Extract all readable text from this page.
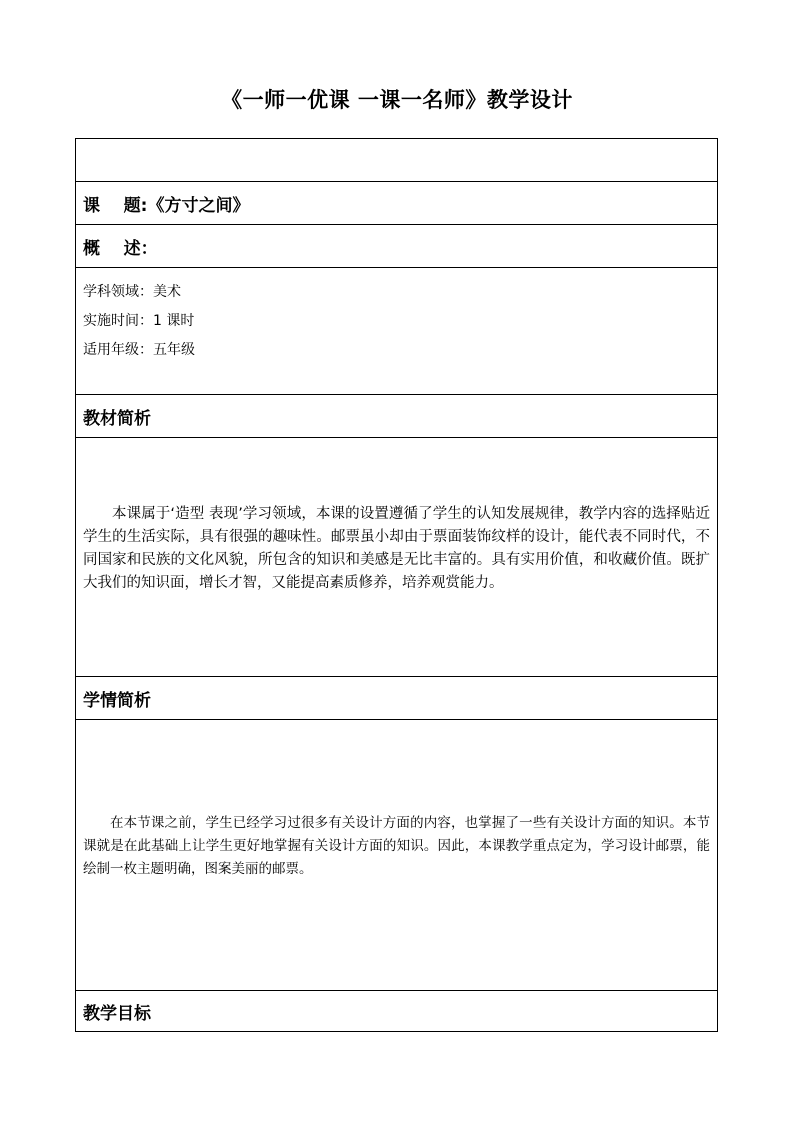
《一师一优课 一课一名师》教学设计

课    题:《方寸之间》
概    述：

学科领域：美术
实施时间：1 课时
适用年级：五年级

教材简析

本课属于‘造型 表现’学习领域，本课的设置遵循了学生的认知发展规律，教学内容的选择贴近学生的生活实际，具有很强的趣味性。邮票虽小却由于票面装饰纹样的设计，能代表不同时代，不同国家和民族的文化风貌，所包含的知识和美感是无比丰富的。具有实用价值，和收藏价值。既扩大我们的知识面，增长才智，又能提高素质修养，培养观赏能力。

学情简析

在本节课之前，学生已经学习过很多有关设计方面的内容，也掌握了一些有关设计方面的知识。本节课就是在此基础上让学生更好地掌握有关设计方面的知识。因此，本课教学重点定为，学习设计邮票，能绘制一枚主题明确，图案美丽的邮票。

教学目标
